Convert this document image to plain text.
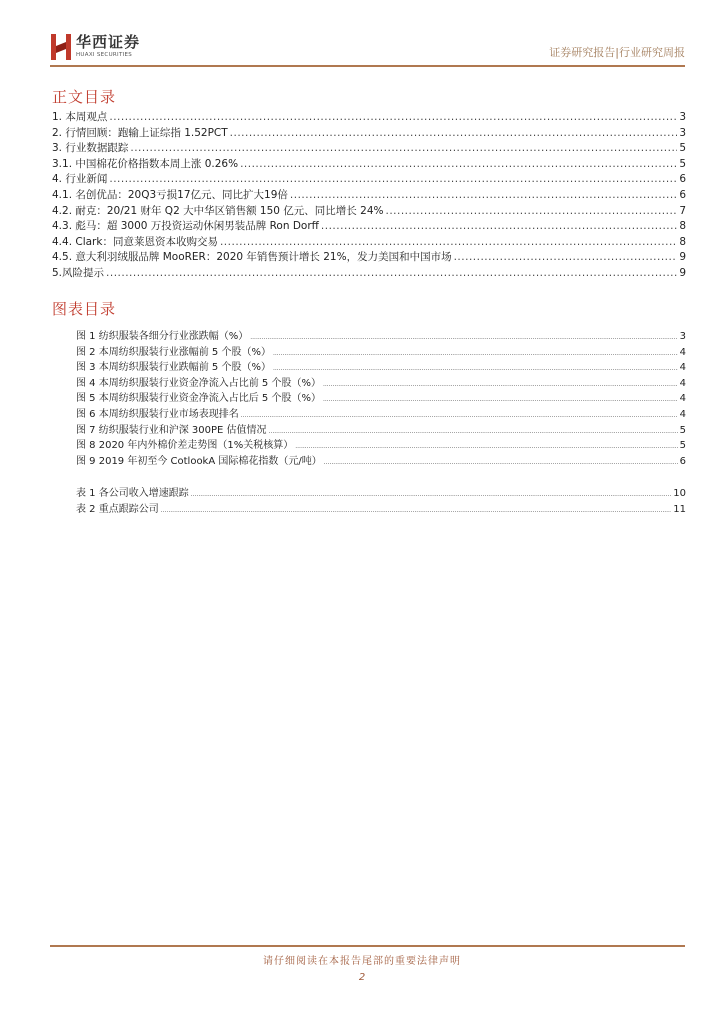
华西证券
HUAXI SECURITIES	证券研究报告|行业研究周报
正文目录
1. 本周观点 .....	3
2. 行情回顾：跑输上证综指 1.52PCT .....	3
3. 行业数据跟踪 .....	5
3.1. 中国棉花价格指数本周上涨 0.26% .....	5
4. 行业新闻 .....	6
4.1. 名创优品：20Q3亏损17亿元、同比扩大19倍 .....	6
4.2. 耐克：20/21 财年 Q2 大中华区销售额 150 亿元、同比增长 24% .....	7
4.3. 彪马：超 3000 万投资运动休闲男装品牌 Ron Dorff .....	8
4.4. Clark：同意莱恩资本收购交易 .....	8
4.5. 意大利羽绒服品牌 MooRER：2020 年销售预计增长 21%，发力美国和中国市场 .....	9
5.风险提示 .....	9
图表目录
图 1 纺织服装各细分行业涨跌幅（%） .....	3
图 2 本周纺织服装行业涨幅前 5 个股（%） .....	4
图 3 本周纺织服装行业跌幅前 5 个股（%） .....	4
图 4 本周纺织服装行业资金净流入占比前 5 个股（%） .....	4
图 5 本周纺织服装行业资金净流入占比后 5 个股（%） .....	4
图 6 本周纺织服装行业市场表现排名 .....	4
图 7 纺织服装行业和沪深 300PE 估值情况 .....	5
图 8 2020 年内外棉价差走势图（1%关税核算） .....	5
图 9 2019 年初至今 CotlookA 国际棉花指数（元/吨） .....	6
表 1 各公司收入增速跟踪 .....	10
表 2 重点跟踪公司 .....	11
请仔细阅读在本报告尾部的重要法律声明
2
